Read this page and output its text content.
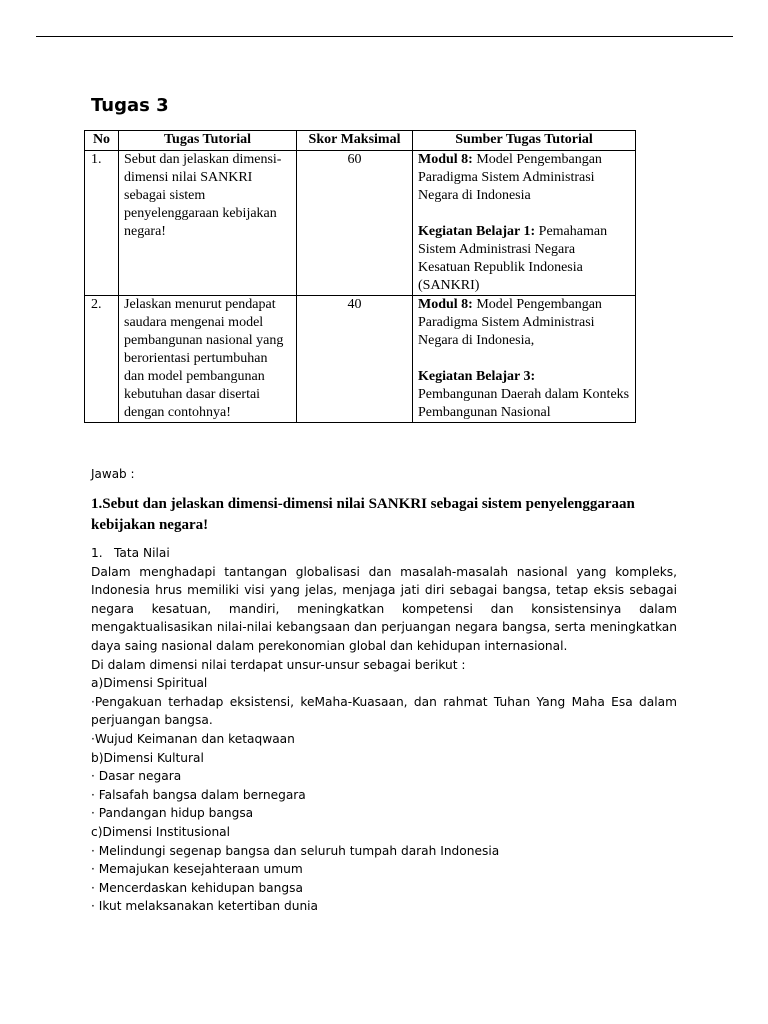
Tugas 3
No	Tugas Tutorial	Skor Maksimal	Sumber Tugas Tutorial
1.	Sebut dan jelaskan dimensi-dimensi nilai SANKRI sebagai sistem penyelenggaraan kebijakan negara!	60	Modul 8: Model Pengembangan Paradigma Sistem Administrasi Negara di Indonesia
Kegiatan Belajar 1: Pemahaman Sistem Administrasi Negara Kesatuan Republik Indonesia (SANKRI)

2.	Jelaskan menurut pendapat saudara mengenai model pembangunan nasional yang berorientasi pertumbuhan dan model pembangunan kebutuhan dasar disertai dengan contohnya!	40	Modul 8: Model Pengembangan Paradigma Sistem Administrasi Negara di Indonesia,
Kegiatan Belajar 3:
Pembangunan Daerah dalam Konteks Pembangunan Nasional
Jawab :

1.Sebut dan jelaskan dimensi-dimensi nilai SANKRI sebagai sistem penyelenggaraan kebijakan negara!

1. Tata Nilai
Dalam menghadapi tantangan globalisasi dan masalah-masalah nasional yang kompleks, Indonesia hrus memiliki visi yang jelas, menjaga jati diri sebagai bangsa, tetap eksis sebagai negara kesatuan, mandiri, meningkatkan kompetensi dan konsistensinya dalam mengaktualisasikan nilai-nilai kebangsaan dan perjuangan negara bangsa, serta meningkatkan daya saing nasional dalam perekonomian global dan kehidupan internasional.
Di dalam dimensi nilai terdapat unsur-unsur sebagai berikut :
a)Dimensi Spiritual
·Pengakuan terhadap eksistensi, keMaha-Kuasaan, dan rahmat Tuhan Yang Maha Esa dalam perjuangan bangsa.
·Wujud Keimanan dan ketaqwaan
b)Dimensi Kultural
· Dasar negara
· Falsafah bangsa dalam bernegara
· Pandangan hidup bangsa
c)Dimensi Institusional
· Melindungi segenap bangsa dan seluruh tumpah darah Indonesia
· Memajukan kesejahteraan umum
· Mencerdaskan kehidupan bangsa
· Ikut melaksanakan ketertiban dunia
